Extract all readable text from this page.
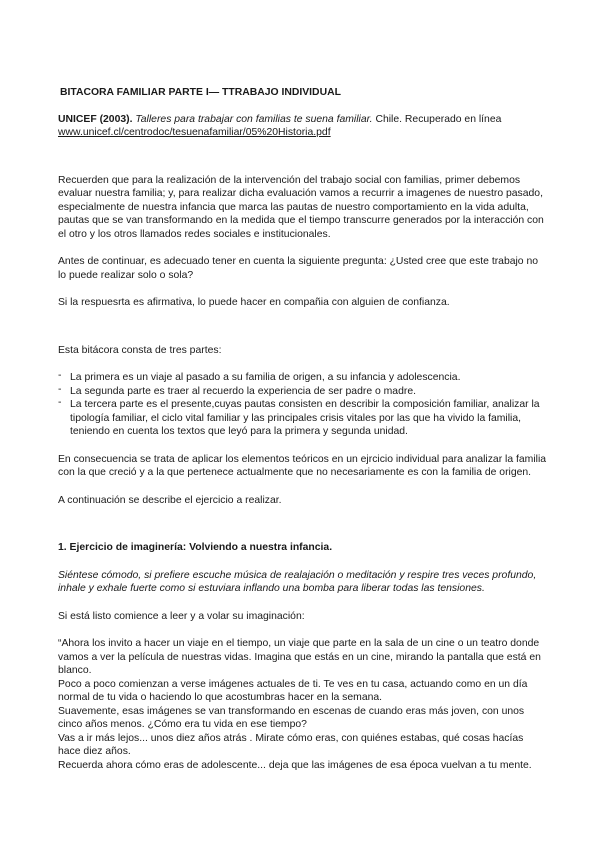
BITACORA FAMILIAR PARTE I— TTRABAJO INDIVIDUAL

UNICEF (2003). Talleres para trabajar con familias te suena familiar. Chile. Recuperado en línea www.unicef.cl/centrodoc/tesuenafamiliar/05%20Historia.pdf

Recuerden que para la realización de la intervención del trabajo social con familias, primer debemos evaluar nuestra familia; y, para realizar dicha evaluación vamos a recurrir a imagenes de nuestro pasado, especialmente de nuestra infancia que marca las pautas de nuestro comportamiento en la vida adulta, pautas que se van transformando en la medida que el tiempo transcurre generados por la interacción con el otro y los otros llamados redes sociales e institucionales.

Antes de continuar, es adecuado tener en cuenta la siguiente pregunta: ¿Usted cree que este trabajo no lo puede realizar solo o sola?

Si la respuesrta es afirmativa, lo puede hacer en compañia con alguien de confianza.

Esta bitácora consta de tres partes:

- La primera es un viaje al pasado a su familia de origen, a su infancia y adolescencia.
- La segunda parte es traer al recuerdo la experiencia de ser padre o madre.
- La tercera parte es el presente,cuyas pautas consisten en describir la composición familiar, analizar la tipología familiar, el ciclo vital familiar y las principales crisis vitales por las que ha vivido la familia, teniendo en cuenta los textos que leyó para la primera y segunda unidad.

En consecuencia se trata de aplicar los elementos teóricos en un ejrcicio individual para analizar la familia con la que creció y a la que pertenece actualmente que no necesariamente es con la familia de origen.

A continuación se describe el ejercicio a realizar.

1. Ejercicio de imaginería: Volviendo a nuestra infancia.

Siéntese cómodo, si prefiere escuche música de realajación o meditación y respire tres veces profundo, inhale y exhale fuerte como si estuviara inflando una bomba para liberar todas las tensiones.

Si está listo comience a leer y a volar su imaginación:

“Ahora los invito a hacer un viaje en el tiempo, un viaje que parte en la sala de un cine o un teatro donde vamos a ver la película de nuestras vidas. Imagina que estás en un cine, mirando la pantalla que está en blanco.
Poco a poco comienzan a verse imágenes actuales de ti. Te ves en tu casa, actuando como en un día normal de tu vida o haciendo lo que acostumbras hacer en la semana.
Suavemente, esas imágenes se van transformando en escenas de cuando eras más joven, con unos cinco años menos. ¿Cómo era tu vida en ese tiempo?
Vas a ir más lejos... unos diez años atrás . Mirate cómo eras, con quiénes estabas, qué cosas hacías hace diez años.
Recuerda ahora cómo eras de adolescente... deja que las imágenes de esa época vuelvan a tu mente.
